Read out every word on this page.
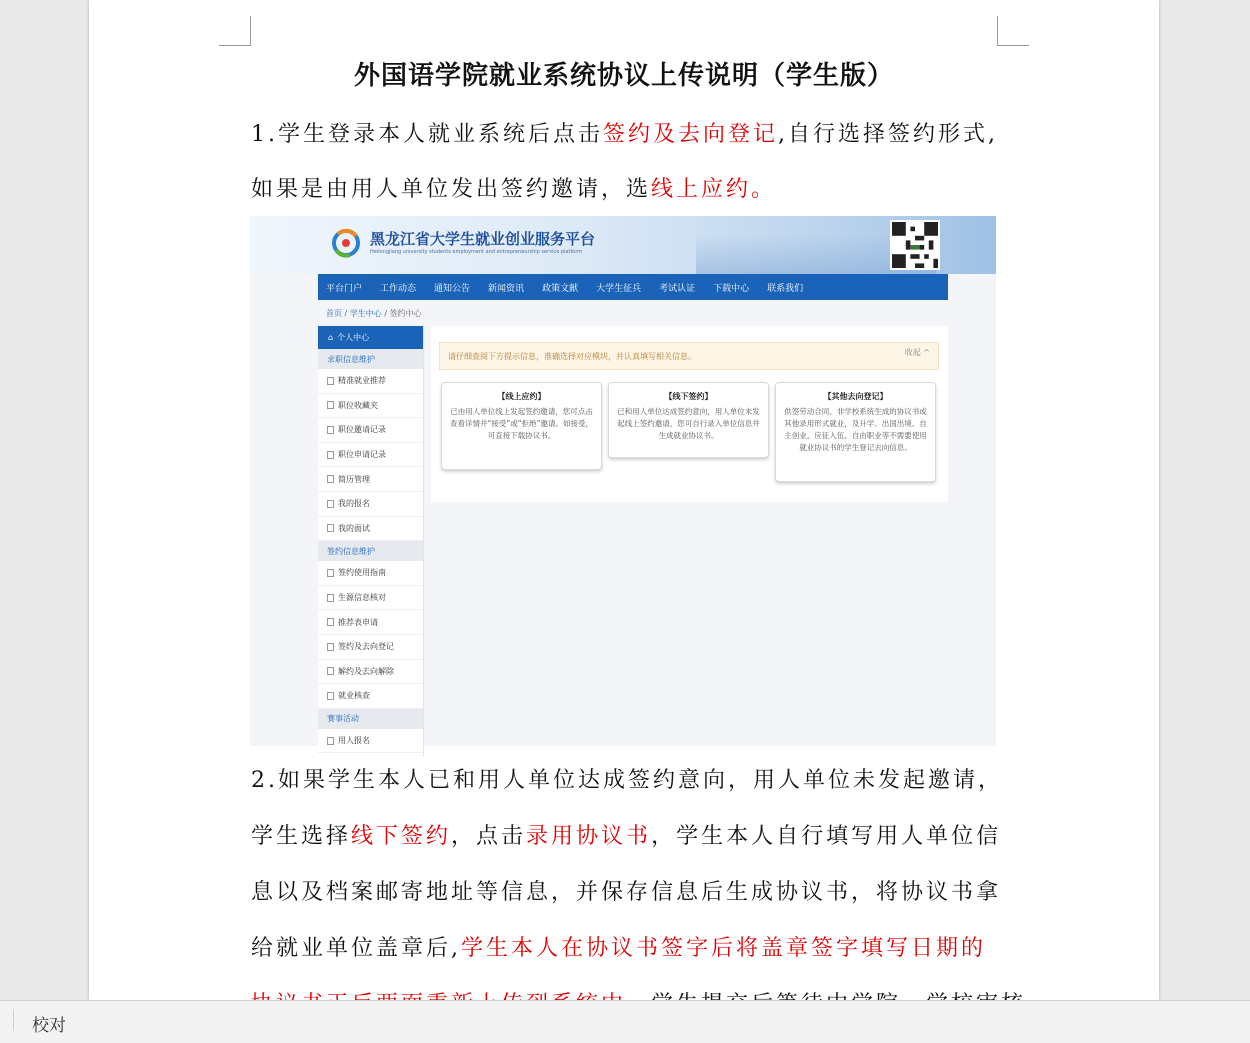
外国语学院就业系统协议上传说明（学生版）
1.学生登录本人就业系统后点击签约及去向登记,自行选择签约形式,
如果是由用人单位发出签约邀请，选线上应约。
黑龙江省大学生就业创业服务平台
Heilongjiang university students employment and entrepreneurship service platform
平台门户 工作动态 通知公告 新闻资讯 政策文献 大学生征兵 考试认证 下载中心 联系我们
首页 / 学生中心 / 签约中心
⌂ 个人中心
求职信息维护
精准就业推荐
职位收藏夹
职位邀请记录
职位申请记录
简历管理
我的报名
我的面试
签约信息维护
签约使用指南
生源信息核对
推荐表申请
签约及去向登记
解约及去向解除
就业核查
赛事活动
用人报名
请仔细查阅下方提示信息，准确选择对应模块，并认真填写相关信息。	收起 ^
【线上应约】
已由用人单位线上发起签约邀请，您可点击查看详情并“接受”或“拒绝”邀请。如接受，可直接下载协议书。
【线下签约】
已和用人单位达成签约意向，用人单位未发起线上签约邀请，您可自行录入单位信息并生成就业协议书。
【其他去向登记】
供签劳动合同、非学校系统生成的协议书或其他录用形式就业，及升学、出国出境、自主创业、应征入伍、自由职业等不需要使用就业协议书的学生登记去向信息。
2.如果学生本人已和用人单位达成签约意向，用人单位未发起邀请，
学生选择线下签约，点击录用协议书，学生本人自行填写用人单位信
息以及档案邮寄地址等信息，并保存信息后生成协议书，将协议书拿
给就业单位盖章后,学生本人在协议书签字后将盖章签字填写日期的
校对
